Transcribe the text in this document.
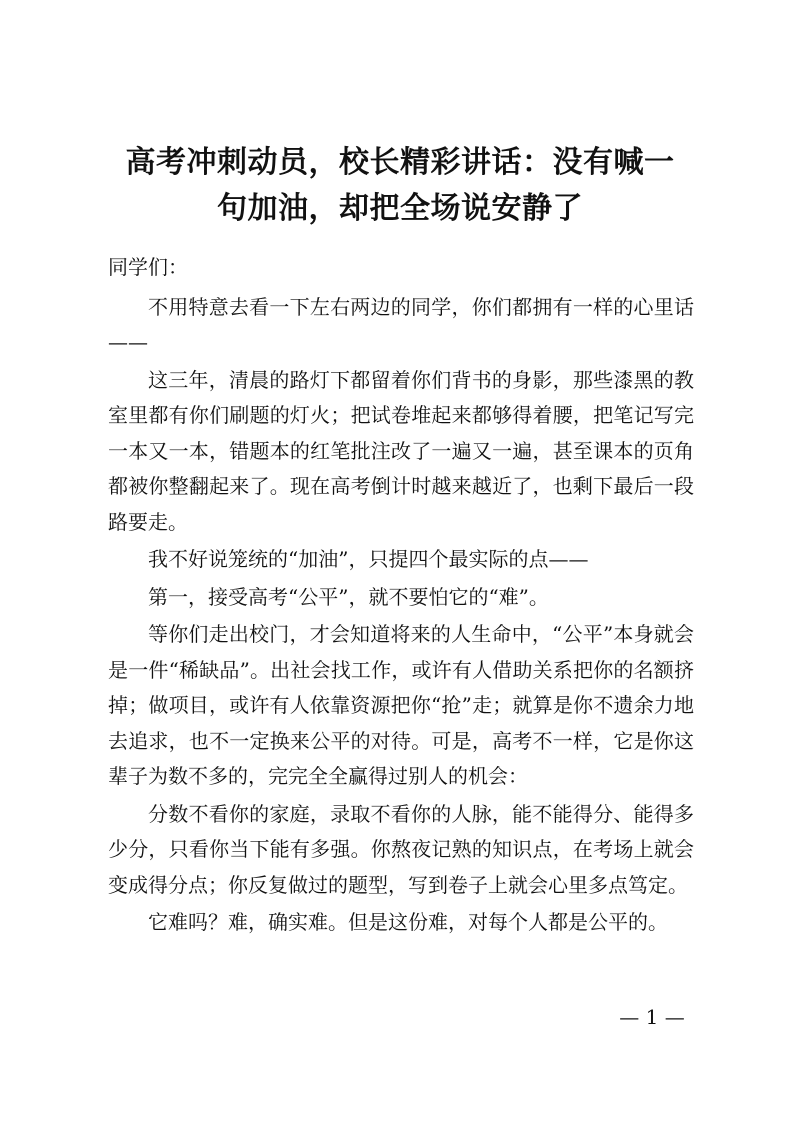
高考冲刺动员，校长精彩讲话：没有喊一
句加油，却把全场说安静了

同学们：

不用特意去看一下左右两边的同学，你们都拥有一样的心里话——

这三年，清晨的路灯下都留着你们背书的身影，那些漆黑的教室里都有你们刷题的灯火；把试卷堆起来都够得着腰，把笔记写完一本又一本，错题本的红笔批注改了一遍又一遍，甚至课本的页角都被你整翻起来了。现在高考倒计时越来越近了，也剩下最后一段路要走。

我不好说笼统的“加油”，只提四个最实际的点——

第一，接受高考“公平”，就不要怕它的“难”。

等你们走出校门，才会知道将来的人生命中，“公平”本身就会是一件“稀缺品”。出社会找工作，或许有人借助关系把你的名额挤掉；做项目，或许有人依靠资源把你“抢”走；就算是你不遗余力地去追求，也不一定换来公平的对待。可是，高考不一样，它是你这辈子为数不多的，完完全全赢得过别人的机会：

分数不看你的家庭，录取不看你的人脉，能不能得分、能得多少分，只看你当下能有多强。你熬夜记熟的知识点，在考场上就会变成得分点；你反复做过的题型，写到卷子上就会心里多点笃定。

它难吗？难，确实难。但是这份难，对每个人都是公平的。

— 1 —
